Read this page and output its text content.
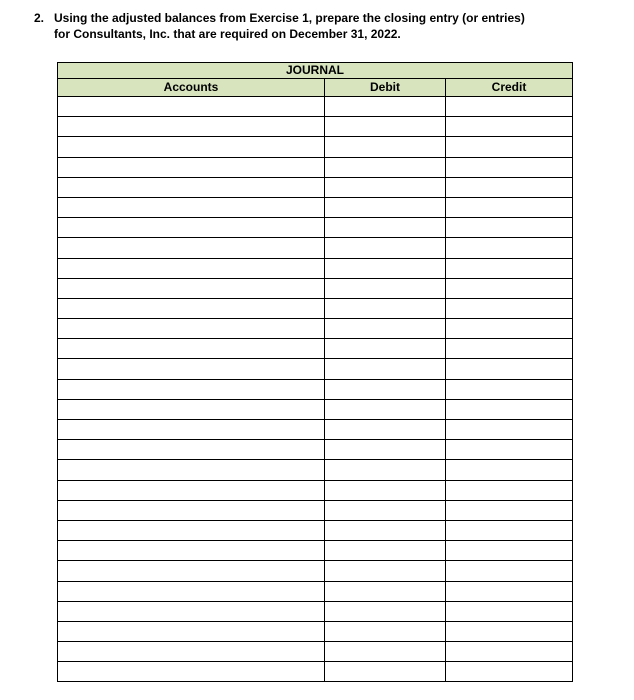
2. Using the adjusted balances from Exercise 1, prepare the closing entry (or entries)
for Consultants, Inc. that are required on December 31, 2022.
JOURNAL		
Accounts	Debit	Credit
